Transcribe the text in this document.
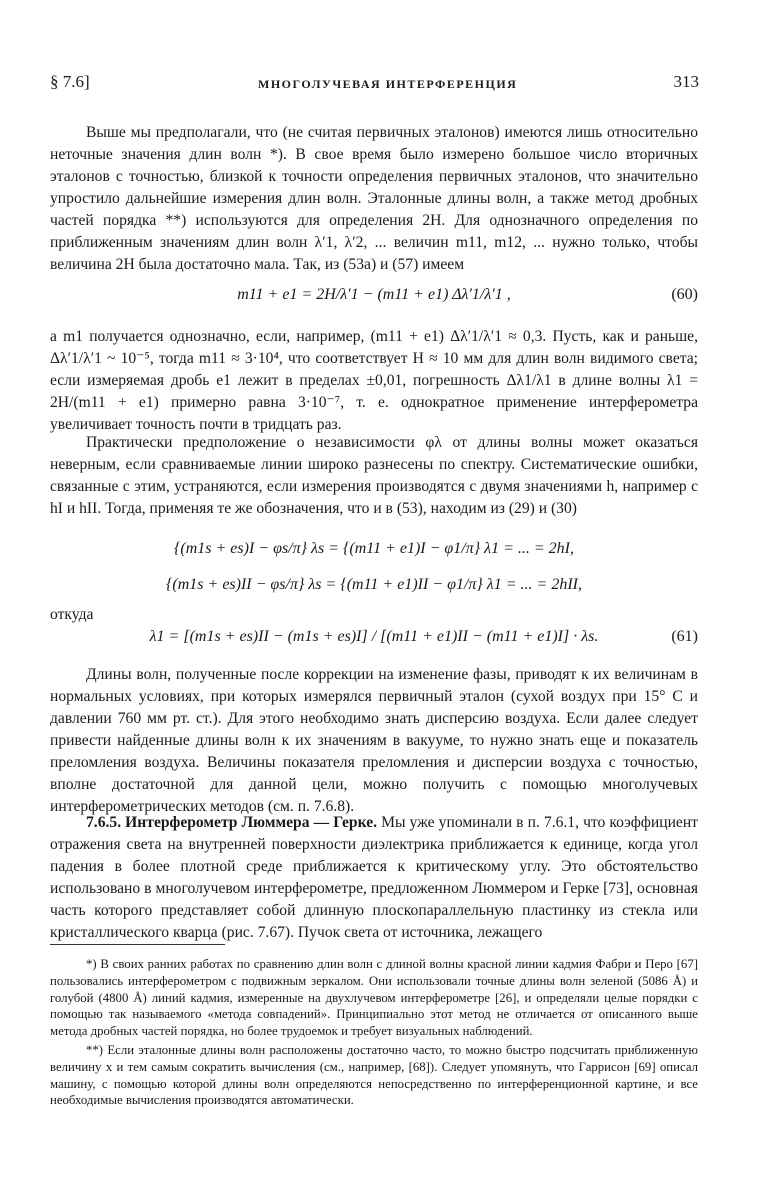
§ 7.6]	МНОГОЛУЧЕВАЯ ИНТЕРФЕРЕНЦИЯ	313
Выше мы предполагали, что (не считая первичных эталонов) имеются лишь относительно неточные значения длин волн *). В свое время было измерено большое число вторичных эталонов с точностью, близкой к точности определения первичных эталонов, что значительно упростило дальнейшие измерения длин волн. Эталонные длины волн, а также метод дробных частей порядка **) используются для определения 2H. Для однозначного определения по приближенным значениям длин волн λ′1, λ′2, ... величин m11, m12, ... нужно только, чтобы величина 2H была достаточно мала. Так, из (53а) и (57) имеем
m11 + e1 = 2H/λ′1 − (m11 + e1) Δλ′1/λ′1 ,	(60)
а m1 получается однозначно, если, например, (m11 + e1) Δλ′1/λ′1 ≈ 0,3. Пусть, как и раньше, Δλ′1/λ′1 ~ 10⁻⁵, тогда m11 ≈ 3·10⁴, что соответствует H ≈ 10 мм для длин волн видимого света; если измеряемая дробь e1 лежит в пределах ±0,01, погрешность Δλ1/λ1 в длине волны λ1 = 2H/(m11 + e1) примерно равна 3·10⁻⁷, т. е. однократное применение интерферометра увеличивает точность почти в тридцать раз.
Практически предположение о независимости φλ от длины волны может оказаться неверным, если сравниваемые линии широко разнесены по спектру. Систематические ошибки, связанные с этим, устраняются, если измерения производятся с двумя значениями h, например с hI и hII. Тогда, применяя те же обозначения, что и в (53), находим из (29) и (30)
{(m1s + es)I − φs/π} λs = {(m11 + e1)I − φ1/π} λ1 = ... = 2hI,
{(m1s + es)II − φs/π} λs = {(m11 + e1)II − φ1/π} λ1 = ... = 2hII,
откуда
λ1 = [(m1s + es)II − (m1s + es)I] / [(m11 + e1)II − (m11 + e1)I] · λs.	(61)
Длины волн, полученные после коррекции на изменение фазы, приводят к их величинам в нормальных условиях, при которых измерялся первичный эталон (сухой воздух при 15° С и давлении 760 мм рт. ст.). Для этого необходимо знать дисперсию воздуха. Если далее следует привести найденные длины волн к их значениям в вакууме, то нужно знать еще и показатель преломления воздуха. Величины показателя преломления и дисперсии воздуха с точностью, вполне достаточной для данной цели, можно получить с помощью многолучевых интерферометрических методов (см. п. 7.6.8).
7.6.5. Интерферометр Люммера — Герке. Мы уже упоминали в п. 7.6.1, что коэффициент отражения света на внутренней поверхности диэлектрика приближается к единице, когда угол падения в более плотной среде приближается к критическому углу. Это обстоятельство использовано в многолучевом интерферометре, предложенном Люммером и Герке [73], основная часть которого представляет собой длинную плоскопараллельную пластинку из стекла или кристаллического кварца (рис. 7.67). Пучок света от источника, лежащего
*) В своих ранних работах по сравнению длин волн с длиной волны красной линии кадмия Фабри и Перо [67] пользовались интерферометром с подвижным зеркалом. Они использовали точные длины волн зеленой (5086 Å) и голубой (4800 Å) линий кадмия, измеренные на двухлучевом интерферометре [26], и определяли целые порядки с помощью так называемого «метода совпадений». Принципиально этот метод не отличается от описанного выше метода дробных частей порядка, но более трудоемок и требует визуальных наблюдений.
**) Если эталонные длины волн расположены достаточно часто, то можно быстро подсчитать приближенную величину x и тем самым сократить вычисления (см., например, [68]). Следует упомянуть, что Гаррисон [69] описал машину, с помощью которой длины волн определяются непосредственно по интерференционной картине, и все необходимые вычисления производятся автоматически.
